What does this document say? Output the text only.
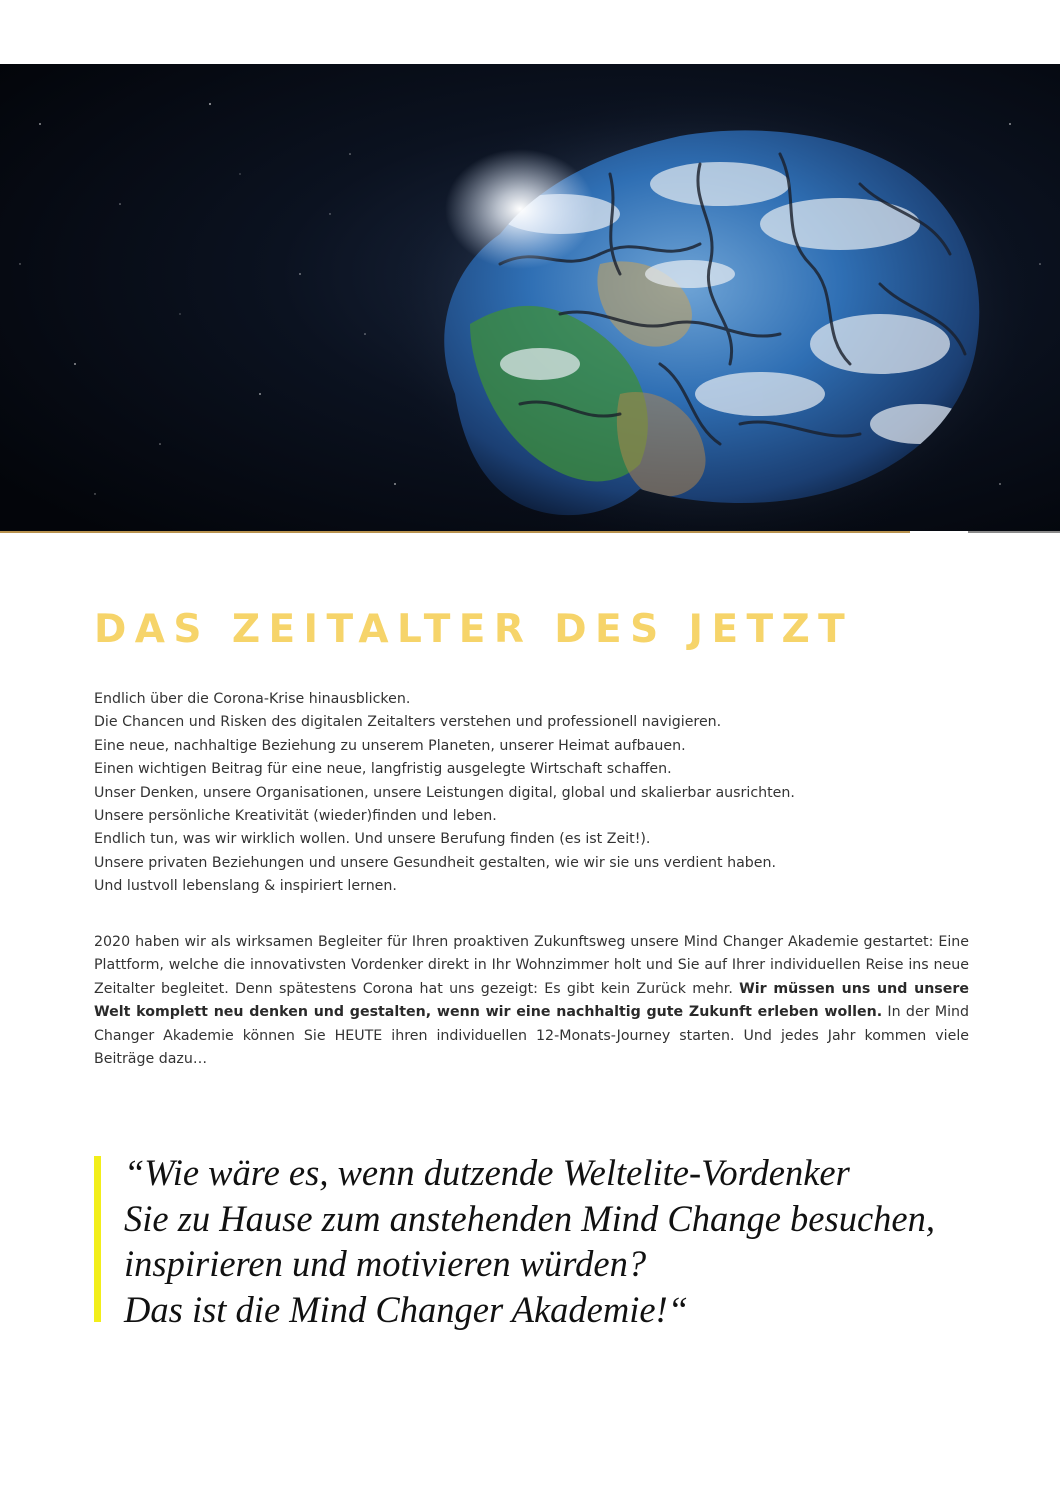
DAS ZEITALTER DES JETZT
Endlich über die Corona-Krise hinausblicken.
Die Chancen und Risken des digitalen Zeitalters verstehen und professionell navigieren.
Eine neue, nachhaltige Beziehung zu unserem Planeten, unserer Heimat aufbauen.
Einen wichtigen Beitrag für eine neue, langfristig ausgelegte Wirtschaft schaffen.
Unser Denken, unsere Organisationen, unsere Leistungen digital, global und skalierbar ausrichten.
Unsere persönliche Kreativität (wieder)finden und leben.
Endlich tun, was wir wirklich wollen. Und unsere Berufung finden (es ist Zeit!).
Unsere privaten Beziehungen und unsere Gesundheit gestalten, wie wir sie uns verdient haben.
Und lustvoll lebenslang & inspiriert lernen.

2020 haben wir als wirksamen Begleiter für Ihren proaktiven Zukunftsweg unsere Mind Changer Akademie gestartet: Eine Plattform, welche die innovativsten Vordenker direkt in Ihr Wohnzimmer holt und Sie auf Ihrer individuellen Reise ins neue Zeitalter begleitet. Denn spätestens Corona hat uns gezeigt: Es gibt kein Zurück mehr. Wir müssen uns und unsere Welt komplett neu denken und gestalten, wenn wir eine nachhaltig gute Zukunft erleben wollen. In der Mind Changer Akademie können Sie HEUTE ihren individuellen 12-Monats-Journey starten. Und jedes Jahr kommen viele Beiträge dazu…

“Wie wäre es, wenn dutzende Weltelite-Vordenker
Sie zu Hause zum anstehenden Mind Change besuchen,
inspirieren und motivieren würden?
Das ist die Mind Changer Akademie!“
